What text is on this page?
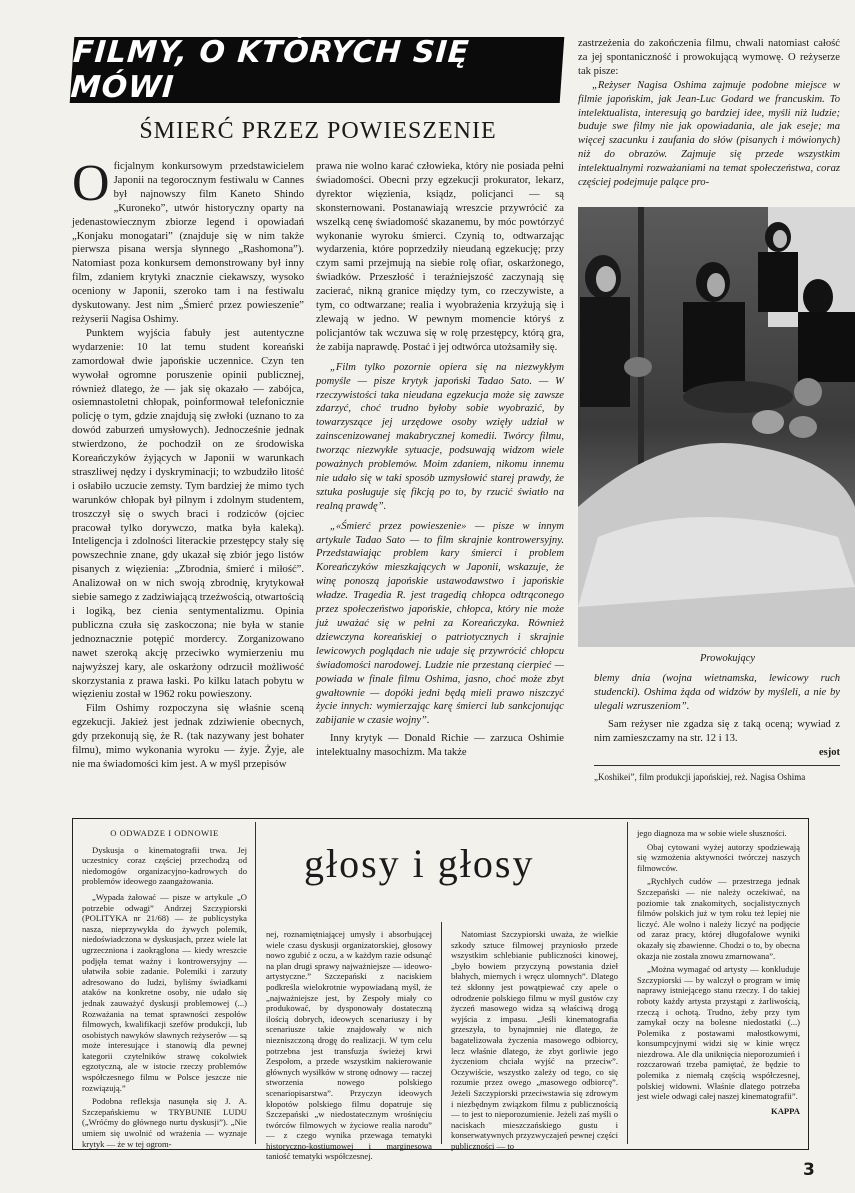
FILMY, O KTÓRYCH SIĘ MÓWI
ŚMIERĆ PRZEZ POWIESZENIE

Oficjalnym konkursowym przedstawicielem Japonii na tegorocznym festiwalu w Cannes był najnowszy film Kaneto Shindo „Kuroneko”, utwór historyczny oparty na jedenastowiecznym zbiorze legend i opowiadań „Konjaku monogatari” (znajduje się w nim także pierwsza pisana wersja słynnego „Rashomona”). Natomiast poza konkursem demonstrowany był inny film, zdaniem krytyki znacznie ciekawszy, wysoko oceniony w Japonii, szeroko tam i na festiwalu dyskutowany. Jest nim „Śmierć przez powieszenie” reżyserii Nagisa Oshimy.

Punktem wyjścia fabuły jest autentyczne wydarzenie: 10 lat temu student koreański zamordował dwie japońskie uczennice. Czyn ten wywołał ogromne poruszenie opinii publicznej, również dlatego, że — jak się okazało — zabójca, osiemnastoletni chłopak, poinformował telefonicznie policję o tym, gdzie znajdują się zwłoki (uznano to za dowód zaburzeń umysłowych). Jednocześnie jednak stwierdzono, że pochodził on ze środowiska Koreańczyków żyjących w Japonii w warunkach straszliwej nędzy i dyskryminacji; to wzbudziło litość i osłabiło uczucie zemsty. Tym bardziej że mimo tych warunków chłopak był pilnym i zdolnym studentem, troszczył się o swych braci i rodziców (ojciec pracował tylko dorywczo, matka była kaleką). Inteligencja i zdolności literackie przestępcy stały się powszechnie znane, gdy ukazał się zbiór jego listów pisanych z więzienia: „Zbrodnia, śmierć i miłość”. Analizował on w nich swoją zbrodnię, krytykował siebie samego z zadziwiającą trzeźwością, otwartością i logiką, bez cienia sentymentalizmu. Opinia publiczna czuła się zaskoczona; nie była w stanie jednoznacznie potępić mordercy. Zorganizowano nawet szeroką akcję przeciwko wymierzeniu mu najwyższej kary, ale oskarżony odrzucił możliwość skorzystania z prawa łaski. Po kilku latach pobytu w więzieniu został w 1962 roku powieszony.

Film Oshimy rozpoczyna się właśnie sceną egzekucji. Jakież jest jednak zdziwienie obecnych, gdy przekonują się, że R. (tak nazywany jest bohater filmu), mimo wykonania wyroku — żyje. Żyje, ale nie ma świadomości kim jest. A w myśl przepisów

prawa nie wolno karać człowieka, który nie posiada pełni świadomości. Obecni przy egzekucji prokurator, lekarz, dyrektor więzienia, ksiądz, policjanci — są skonsternowani. Postanawiają wreszcie przywrócić za wszelką cenę świadomość skazanemu, by móc powtórzyć wykonanie wyroku śmierci. Czynią to, odtwarzając wydarzenia, które poprzedziły nieudaną egzekucję; przy czym sami przejmują na siebie rolę ofiar, oskarżonego, świadków. Przeszłość i teraźniejszość zaczynają się zacierać, nikną granice między tym, co rzeczywiste, a tym, co odtwarzane; realia i wyobrażenia krzyżują się i zlewają w jedno. W pewnym momencie któryś z policjantów tak wczuwa się w rolę przestępcy, którą gra, że zabija naprawdę. Postać i jej odtwórca utożsamiły się.

„Film tylko pozornie opiera się na niezwykłym pomyśle — pisze krytyk japoński Tadao Sato. — W rzeczywistości taka nieudana egzekucja może się zawsze zdarzyć, choć trudno byłoby sobie wyobrazić, by towarzyszące jej urzędowe osoby wzięły udział w zainscenizowanej makabrycznej komedii. Twórcy filmu, tworząc niezwykłe sytuacje, podsuwają widzom wiele poważnych problemów. Moim zdaniem, nikomu innemu nie udało się w taki sposób uzmysłowić starej prawdy, że sztuka posługuje się fikcją po to, by rzucić światło na realną prawdę”.

„«Śmierć przez powieszenie» — pisze w innym artykule Tadao Sato — to film skrajnie kontrowersyjny. Przedstawiając problem kary śmierci i problem Koreańczyków mieszkających w Japonii, wskazuje, że winę ponoszą japońskie ustawodawstwo i japońskie władze. Tragedia R. jest tragedią chłopca odtrąconego przez społeczeństwo japońskie, chłopca, który nie może już uważać się w pełni za Koreańczyka. Również dziewczyna koreańskiej o patriotycznych i skrajnie lewicowych poglądach nie udaje się przywrócić chłopcu świadomości narodowej. Ludzie nie przestaną cierpieć — powiada w finale filmu Oshima, jasno, choć może zbyt gwałtownie — dopóki jedni będą mieli prawo niszczyć życie innych: wymierzając karę śmierci lub sankcjonując zabijanie w czasie wojny”.

Inny krytyk — Donald Richie — zarzuca Oshimie intelektualny masochizm. Ma także

zastrzeżenia do zakończenia filmu, chwali natomiast całość za jej spontaniczność i prowokującą wymowę. O reżyserze tak pisze:

„Reżyser Nagisa Oshima zajmuje podobne miejsce w filmie japońskim, jak Jean-Luc Godard we francuskim. To intelektualista, interesują go bardziej idee, myśli niż ludzie; buduje swe filmy nie jak opowiadania, ale jak eseje; ma więcej szacunku i zaufania do słów (pisanych i mówionych) niż do obrazów. Zajmuje się przede wszystkim intelektualnymi rozważaniami na temat społeczeństwa, coraz częściej podejmuje palące pro-

Prowokujący

blemy dnia (wojna wietnamska, lewicowy ruch studencki). Oshima żąda od widzów by myśleli, a nie by ulegali wzruszeniom”.

Sam reżyser nie zgadza się z taką oceną; wywiad z nim zamieszczamy na str. 12 i 13.

esjot
„Koshikei”, film produkcji japońskiej, reż. Nagisa Oshima
głosy i głosy
O ODWADZE I ODNOWIE

Dyskusja o kinematografii trwa. Jej uczestnicy coraz częściej przechodzą od niedomogów organizacyjno-kadrowych do problemów ideowego zaangażowania.

„Wypada żałować — pisze w artykule „O potrzebie odwagi” Andrzej Szczypiorski (POLITYKA nr 21/68) — że publicystyka nasza, nieprzywykła do żywych polemik, niedoświadczona w dyskusjach, przez wiele lat ugrzecznionа i zaokrąglona — kiedy wreszcie podjęła temat ważny i kontrowersyjny — ułatwiła sobie zadanie. Polemiki i zarzuty adresowano do ludzi, byliśmy świadkami ataków na konkretne osoby, nie udało się jednak zauważyć dyskusji problemowej (...) Rozważania na temat sprawności zespołów filmowych, kwalifikacji szefów produkcji, lub osobistych nawyków sławnych reżyserów — są może interesujące i stanowią dla pewnej kategorii czytelników strawę cokolwiek egzotyczną, ale w istocie rzeczy problemów współczesnego filmu w Polsce jeszcze nie rozwiązują.”

Podobna refleksja nasunęła się J. A. Szczepańskiemu w TRYBUNIE LUDU („Wróćmy do głównego nurtu dyskusji”). „Nie umiem się uwolnić od wrażenia — wyznaje krytyk — że w tej ogrom-

nej, roznamiętniającej umysły i absorbującej wiele czasu dyskusji organizatorskiej, głosowy nowo zgubić z oczu, a w każdym razie odsunąć na plan drugi sprawy najważniejsze — ideowo-artystyczne.” Szczepański z naciskiem podkreśla wielokrotnie wypowiadaną myśl, że „najważniejsze jest, by Zespoły miały co produkować, by dysponowały dostateczną ilością dobrych, ideowych scenariuszy i by scenariusze takie znajdowały w nich niezniszczoną drogę do realizacji. W tym celu potrzebna jest transfuzja świeżej krwi Zespołom, a przede wszystkim nakierowanie głównych wysiłków w stronę odnowy — raczej stworzenia nowego polskiego scenariopisarstwa”. Przyczyn ideowych kłopotów polskiego filmu dopatruje się Szczepański „w niedostatecznym wrośnięciu twórców filmowych w życiowe realia narodu” — z czego wynika przewaga tematyki historyczno-kostiumowej i marginesowa taniość tematyki współczesnej.

Natomiast Szczypiorski uważa, że wielkie szkody sztuce filmowej przyniosło przede wszystkim schlebianie publiczności kinowej, „było bowiem przyczyną powstania dzieł błahych, miernych i wręcz ulomnych”. Dlatego też skłonny jest powątpiewać czy apele o odrodzenie polskiego filmu w myśl gustów czy życzeń masowego widza są właściwą drogą wyjścia z impasu. „Jeśli kinematografia grzeszyła, to bynajmniej nie dlatego, że bagatelizowała życzenia masowego odbiorcy, lecz właśnie dlatego, że zbyt gorliwie jego życzeniom chciała wyjść na przeciw”. Oczywiście, wszystko zależy od tego, co się rozumie przez owego „masowego odbiorcę”. Jeżeli Szczypiorski przeciwstawia się zdrowym i niezbędnym związkom filmu z publicznością — to jest to nieporozumienie. Jeżeli zaś myśli o naciskach mieszczańskiego gustu i konserwatywnych przyzwyczajeń pewnej części publiczności — to

jego diagnoza ma w sobie wiele słuszności.

Obaj cytowani wyżej autorzy spodziewają się wzmożenia aktywności twórczej naszych filmowców.

„Rychłych cudów — przestrzega jednak Szczepański — nie należy oczekiwać, na poziomie tak znakomitych, socjalistycznych filmów polskich już w tym roku też lepiej nie liczyć. Ale wolno i należy liczyć na podjęcie od zaraz pracy, której długofalowe wyniki okazały się zbawienne. Chodzi o to, by obecna okazja nie została znowu zmarnowana”.

„Można wymagać od artysty — konkluduje Szczypiorski — by walczył o program w imię naprawy istniejącego stanu rzeczy. I do takiej roboty każdy artysta przystąpi z żarliwością, rzeczą i ochotą. Trudno, żeby przy tym zamykał oczy na bolesne niedostatki (...) Polemika z postawami małostkowymi, konsumpcyjnymi widzi się w kinie wręcz niezdrowa. Ale dla uniknięcia nieporozumień i rozczarowań trzeba pamiętać, że będzie to polemika z niemałą częścią współczesnej, polskiej widowni. Właśnie dlatego potrzeba jest wiele odwagi całej naszej kinematografii”.

KAPPA
3
